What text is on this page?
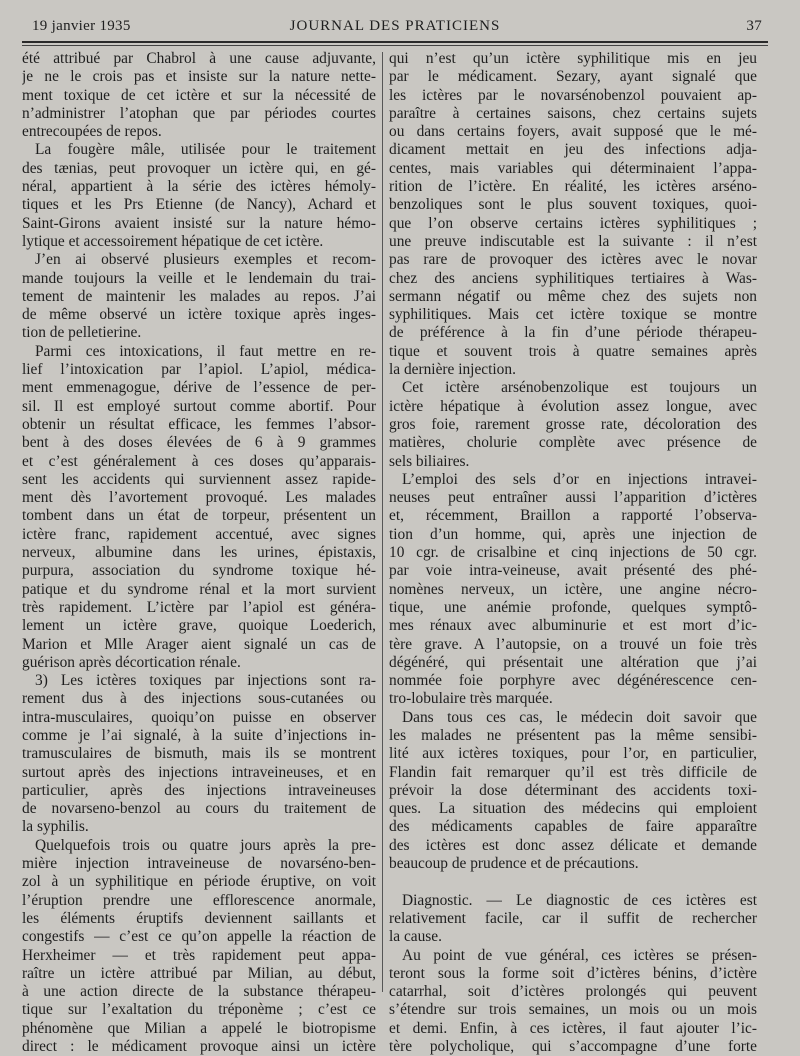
19 janvier 1935	JOURNAL DES PRATICIENS	37
été attribué par Chabrol à une cause adjuvante,
je ne le crois pas et insiste sur la nature nette-
ment toxique de cet ictère et sur la nécessité de
n’administrer l’atophan que par périodes courtes
entrecoupées de repos.
La fougère mâle, utilisée pour le traitement
des tænias, peut provoquer un ictère qui, en gé-
néral, appartient à la série des ictères hémoly-
tiques et les Prs Etienne (de Nancy), Achard et
Saint-Girons avaient insisté sur la nature hémo-
lytique et accessoirement hépatique de cet ictère.
J’en ai observé plusieurs exemples et recom-
mande toujours la veille et le lendemain du trai-
tement de maintenir les malades au repos. J’ai
de même observé un ictère toxique après inges-
tion de pelletierine.
Parmi ces intoxications, il faut mettre en re-
lief l’intoxication par l’apiol. L’apiol, médica-
ment emmenagogue, dérive de l’essence de per-
sil. Il est employé surtout comme abortif. Pour
obtenir un résultat efficace, les femmes l’absor-
bent à des doses élevées de 6 à 9 grammes
et c’est généralement à ces doses qu’apparais-
sent les accidents qui surviennent assez rapide-
ment dès l’avortement provoqué. Les malades
tombent dans un état de torpeur, présentent un
ictère franc, rapidement accentué, avec signes
nerveux, albumine dans les urines, épistaxis,
purpura, association du syndrome toxique hé-
patique et du syndrome rénal et la mort survient
très rapidement. L’ictère par l’apiol est généra-
lement un ictère grave, quoique Loederich,
Marion et Mlle Arager aient signalé un cas de
guérison après décortication rénale.
3) Les ictères toxiques par injections sont ra-
rement dus à des injections sous-cutanées ou
intra-musculaires, quoiqu’on puisse en observer
comme je l’ai signalé, à la suite d’injections in-
tramusculaires de bismuth, mais ils se montrent
surtout après des injections intraveineuses, et en
particulier, après des injections intraveineuses
de novarseno-benzol au cours du traitement de
la syphilis.
Quelquefois trois ou quatre jours après la pre-
mière injection intraveineuse de novarséno-ben-
zol à un syphilitique en période éruptive, on voit
l’éruption prendre une efflorescence anormale,
les éléments éruptifs deviennent saillants et
congestifs — c’est ce qu’on appelle la réaction de
Herxheimer — et très rapidement peut appa-
raître un ictère attribué par Milian, au début,
à une action directe de la substance thérapeu-
tique sur l’exaltation du tréponème ; c’est ce
phénomène que Milian a appelé le biotropisme
direct : le médicament provoque ainsi un ictère
qui n’est qu’un ictère syphilitique mis en jeu
par le médicament. Sezary, ayant signalé que
les ictères par le novarsénobenzol pouvaient ap-
paraître à certaines saisons, chez certains sujets
ou dans certains foyers, avait supposé que le mé-
dicament mettait en jeu des infections adja-
centes, mais variables qui déterminaient l’appa-
rition de l’ictère. En réalité, les ictères arséno-
benzoliques sont le plus souvent toxiques, quoi-
que l’on observe certains ictères syphilitiques ;
une preuve indiscutable est la suivante : il n’est
pas rare de provoquer des ictères avec le novar
chez des anciens syphilitiques tertiaires à Was-
sermann négatif ou même chez des sujets non
syphilitiques. Mais cet ictère toxique se montre
de préférence à la fin d’une période thérapeu-
tique et souvent trois à quatre semaines après
la dernière injection.
Cet ictère arsénobenzolique est toujours un
ictère hépatique à évolution assez longue, avec
gros foie, rarement grosse rate, décoloration des
matières, cholurie complète avec présence de
sels biliaires.
L’emploi des sels d’or en injections intravei-
neuses peut entraîner aussi l’apparition d’ictères
et, récemment, Braillon a rapporté l’observa-
tion d’un homme, qui, après une injection de
10 cgr. de crisalbine et cinq injections de 50 cgr.
par voie intra-veineuse, avait présenté des phé-
nomènes nerveux, un ictère, une angine nécro-
tique, une anémie profonde, quelques symptô-
mes rénaux avec albuminurie et est mort d’ic-
tère grave. A l’autopsie, on a trouvé un foie très
dégénéré, qui présentait une altération que j’ai
nommée foie porphyre avec dégénérescence cen-
tro-lobulaire très marquée.
Dans tous ces cas, le médecin doit savoir que
les malades ne présentent pas la même sensibi-
lité aux ictères toxiques, pour l’or, en particulier,
Flandin fait remarquer qu’il est très difficile de
prévoir la dose déterminant des accidents toxi-
ques. La situation des médecins qui emploient
des médicaments capables de faire apparaître
des ictères est donc assez délicate et demande
beaucoup de prudence et de précautions.
Diagnostic. — Le diagnostic de ces ictères est
relativement facile, car il suffit de rechercher
la cause.
Au point de vue général, ces ictères se présen-
teront sous la forme soit d’ictères bénins, d’ictère
catarrhal, soit d’ictères prolongés qui peuvent
s’étendre sur trois semaines, un mois ou un mois
et demi. Enfin, à ces ictères, il faut ajouter l’ic-
tère polycholique, qui s’accompagne d’une forte
